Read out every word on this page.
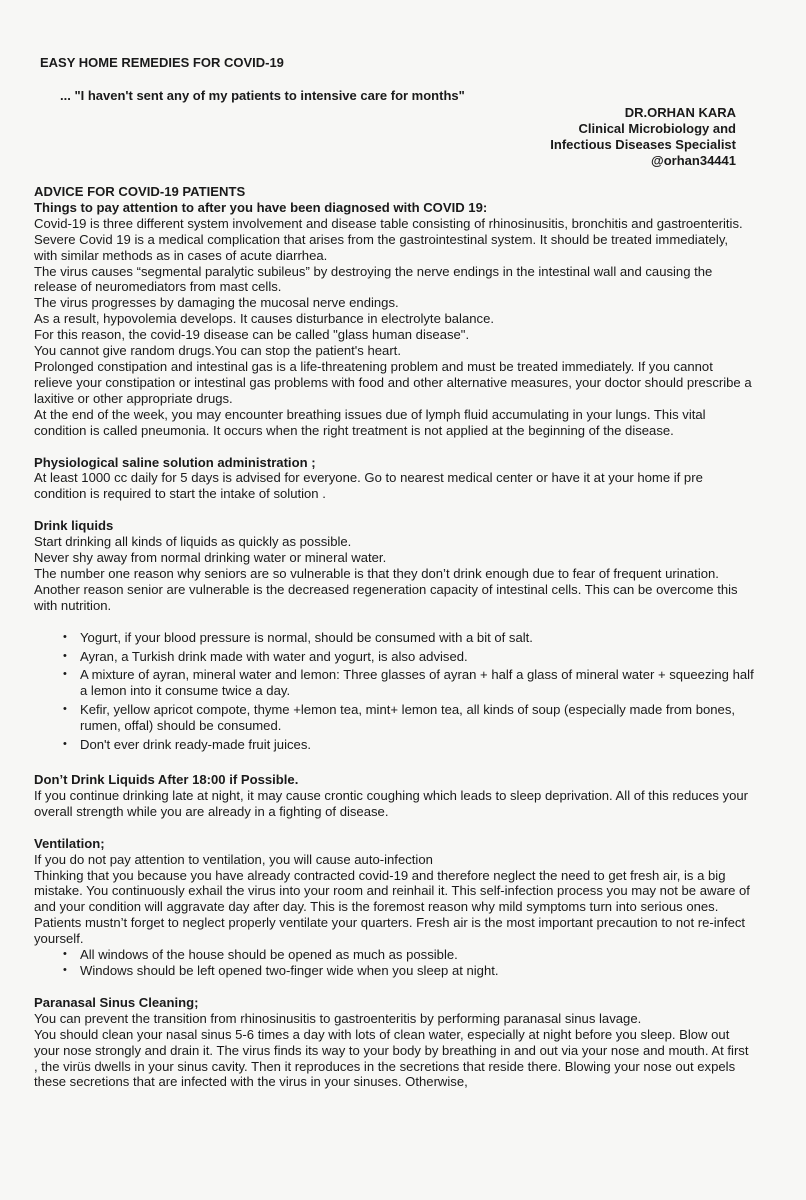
EASY HOME REMEDIES FOR COVID-19

... "I haven't sent any of my patients to intensive care for months"

DR.ORHAN KARA
Clinical Microbiology and
Infectious Diseases Specialist
@orhan34441

ADVICE FOR COVID-19 PATIENTS

Things to pay attention to after you have been diagnosed with COVID 19:

Covid-19 is three different system involvement and disease table consisting of rhinosinusitis, bronchitis and gastroenteritis.

Severe Covid 19 is a medical complication that arises from the gastrointestinal system. It should be treated immediately, with similar methods as in cases of acute diarrhea.

The virus causes “segmental paralytic subileus” by destroying the nerve endings in the intestinal wall and causing the release of neuromediators from mast cells.

The virus progresses by damaging the mucosal nerve endings.

As a result, hypovolemia develops. It causes disturbance in electrolyte balance.

For this reason, the covid-19 disease can be called "glass human disease".

You cannot give random drugs.You can stop the patient's heart.

Prolonged constipation and intestinal gas is a life-threatening problem and must be treated immediately. If you cannot relieve your constipation or intestinal gas problems with food and other alternative measures, your doctor should prescribe a laxitive or other appropriate drugs.

At the end of the week, you may encounter breathing issues due of lymph fluid accumulating in your lungs. This vital condition is called pneumonia. It occurs when the right treatment is not applied at the beginning of the disease.

Physiological saline solution administration ;

At least 1000 cc daily for 5 days is advised for everyone. Go to nearest medical center or have it at your home if pre condition is required to start the intake of solution .

Drink liquids

Start drinking all kinds of liquids as quickly as possible.

Never shy away from normal drinking water or mineral water.

The number one reason why seniors are so vulnerable is that they don’t drink enough due to fear of frequent urination. Another reason senior are vulnerable is the decreased regeneration capacity of intestinal cells. This can be overcome this with nutrition.

• Yogurt, if your blood pressure is normal, should be consumed with a bit of salt.
• Ayran, a Turkish drink made with water and yogurt, is also advised.
• A mixture of ayran, mineral water and lemon: Three glasses of ayran + half a glass of mineral water + squeezing half a lemon into it consume twice a day.
• Kefir, yellow apricot compote, thyme +lemon tea, mint+ lemon tea, all kinds of soup (especially made from bones, rumen, offal) should be consumed.
• Don't ever drink ready-made fruit juices.

Don’t Drink Liquids After 18:00 if Possible.

If you continue drinking late at night, it may cause crontic coughing which leads to sleep deprivation. All of this reduces your overall strength while you are already in a fighting of disease.

Ventilation;

If you do not pay attention to ventilation, you will cause auto-infection

Thinking that you because you have already contracted covid-19 and therefore neglect the need to get fresh air, is a big mistake. You continuously exhail the virus into your room and reinhail it. This self-infection process you may not be aware of and your condition will aggravate day after day. This is the foremost reason why mild symptoms turn into serious ones. Patients mustn’t forget to neglect properly ventilate your quarters. Fresh air is the most important precaution to not re-infect yourself.

• All windows of the house should be opened as much as possible.
• Windows should be left opened two-finger wide when you sleep at night.

Paranasal Sinus Cleaning;

You can prevent the transition from rhinosinusitis to gastroenteritis by performing paranasal sinus lavage.

You should clean your nasal sinus 5-6 times a day with lots of clean water, especially at night before you sleep. Blow out your nose strongly and drain it. The virus finds its way to your body by breathing in and out via your nose and mouth. At first , the virüs dwells in your sinus cavity. Then it reproduces in the secretions that reside there. Blowing your nose out expels these secretions that are infected with the virus in your sinuses. Otherwise,
